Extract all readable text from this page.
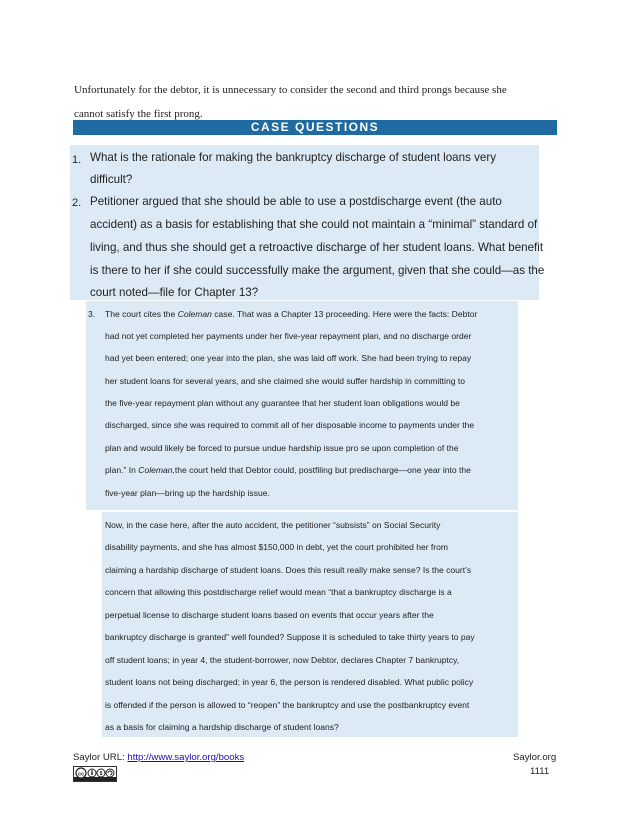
Unfortunately for the debtor, it is unnecessary to consider the second and third prongs because she
cannot satisfy the first prong.
CASE QUESTIONS
1. What is the rationale for making the bankruptcy discharge of student loans very
difficult?
2. Petitioner argued that she should be able to use a postdischarge event (the auto
accident) as a basis for establishing that she could not maintain a “minimal” standard of
living, and thus she should get a retroactive discharge of her student loans. What benefit
is there to her if she could successfully make the argument, given that she could—as the
court noted—file for Chapter 13?
3. The court cites the Coleman case. That was a Chapter 13 proceeding. Here were the facts: Debtor
had not yet completed her payments under her five-year repayment plan, and no discharge order
had yet been entered; one year into the plan, she was laid off work. She had been trying to repay
her student loans for several years, and she claimed she would suffer hardship in committing to
the five-year repayment plan without any guarantee that her student loan obligations would be
discharged, since she was required to commit all of her disposable income to payments under the
plan and would likely be forced to pursue undue hardship issue pro se upon completion of the
plan.” In Coleman,the court held that Debtor could, postfiling but predischarge—one year into the
five-year plan—bring up the hardship issue.
Now, in the case here, after the auto accident, the petitioner “subsists” on Social Security
disability payments, and she has almost $150,000 in debt, yet the court prohibited her from
claiming a hardship discharge of student loans. Does this result really make sense? Is the court’s
concern that allowing this postdischarge relief would mean “that a bankruptcy discharge is a
perpetual license to discharge student loans based on events that occur years after the
bankruptcy discharge is granted” well founded? Suppose it is scheduled to take thirty years to pay
off student loans; in year 4, the student-borrower, now Debtor, declares Chapter 7 bankruptcy,
student loans not being discharged; in year 6, the person is rendered disabled. What public policy
is offended if the person is allowed to “reopen” the bankruptcy and use the postbankruptcy event
as a basis for claiming a hardship discharge of student loans?
Saylor URL: http://www.saylor.org/books	Saylor.org
1111
cc	$
